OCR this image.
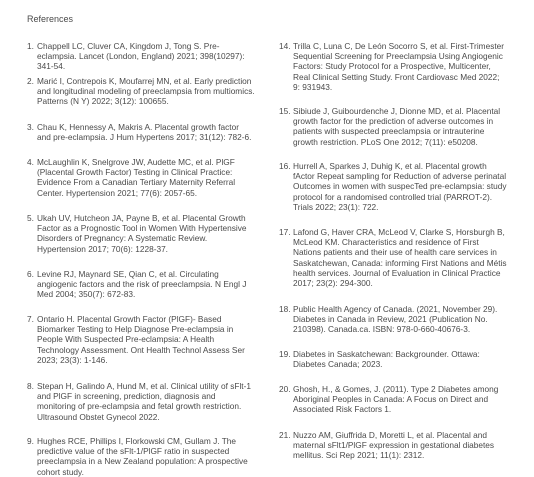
References
1. Chappell LC, Cluver CA, Kingdom J, Tong S. Pre-eclampsia. Lancet (London, England) 2021; 398(10297): 341-54.
2. Marić I, Contrepois K, Moufarrej MN, et al. Early prediction and longitudinal modeling of preeclampsia from multiomics. Patterns (N Y) 2022; 3(12): 100655.
3. Chau K, Hennessy A, Makris A. Placental growth factor and pre-eclampsia. J Hum Hypertens 2017; 31(12): 782-6.
4. McLaughlin K, Snelgrove JW, Audette MC, et al. PlGF (Placental Growth Factor) Testing in Clinical Practice: Evidence From a Canadian Tertiary Maternity Referral Center. Hypertension 2021; 77(6): 2057-65.
5. Ukah UV, Hutcheon JA, Payne B, et al. Placental Growth Factor as a Prognostic Tool in Women With Hypertensive Disorders of Pregnancy: A Systematic Review. Hypertension 2017; 70(6): 1228-37.
6. Levine RJ, Maynard SE, Qian C, et al. Circulating angiogenic factors and the risk of preeclampsia. N Engl J Med 2004; 350(7): 672-83.
7. Ontario H. Placental Growth Factor (PlGF)- Based Biomarker Testing to Help Diagnose Pre-eclampsia in People With Suspected Pre-eclampsia: A Health Technology Assessment. Ont Health Technol Assess Ser 2023; 23(3): 1-146.
8. Stepan H, Galindo A, Hund M, et al. Clinical utility of sFlt-1 and PlGF in screening, prediction, diagnosis and monitoring of pre-eclampsia and fetal growth restriction. Ultrasound Obstet Gynecol 2022.
9. Hughes RCE, Phillips I, Florkowski CM, Gullam J. The predictive value of the sFlt-1/PlGF ratio in suspected preeclampsia in a New Zealand population: A prospective cohort study.
14. Trilla C, Luna C, De León Socorro S, et al. First-Trimester Sequential Screening for Preeclampsia Using Angiogenic Factors: Study Protocol for a Prospective, Multicenter, Real Clinical Setting Study. Front Cardiovasc Med 2022; 9: 931943.
15. Sibiude J, Guibourdenche J, Dionne MD, et al. Placental growth factor for the prediction of adverse outcomes in patients with suspected preeclampsia or intrauterine growth restriction. PLoS One 2012; 7(11): e50208.
16. Hurrell A, Sparkes J, Duhig K, et al. Placental growth fActor Repeat sampling for Reduction of adverse perinatal Outcomes in women with suspecTed pre-eclampsia: study protocol for a randomised controlled trial (PARROT-2). Trials 2022; 23(1): 722.
17. Lafond G, Haver CRA, McLeod V, Clarke S, Horsburgh B, McLeod KM. Characteristics and residence of First Nations patients and their use of health care services in Saskatchewan, Canada: informing First Nations and Métis health services. Journal of Evaluation in Clinical Practice 2017; 23(2): 294-300.
18. Public Health Agency of Canada. (2021, November 29). Diabetes in Canada in Review, 2021 (Publication No. 210398). Canada.ca. ISBN: 978-0-660-40676-3.
19. Diabetes in Saskatchewan: Backgrounder. Ottawa: Diabetes Canada; 2023.
20. Ghosh, H., & Gomes, J. (2011). Type 2 Diabetes among Aboriginal Peoples in Canada: A Focus on Direct and Associated Risk Factors 1.
21. Nuzzo AM, Giuffrida D, Moretti L, et al. Placental and maternal sFlt1/PlGF expression in gestational diabetes mellitus. Sci Rep 2021; 11(1): 2312.
